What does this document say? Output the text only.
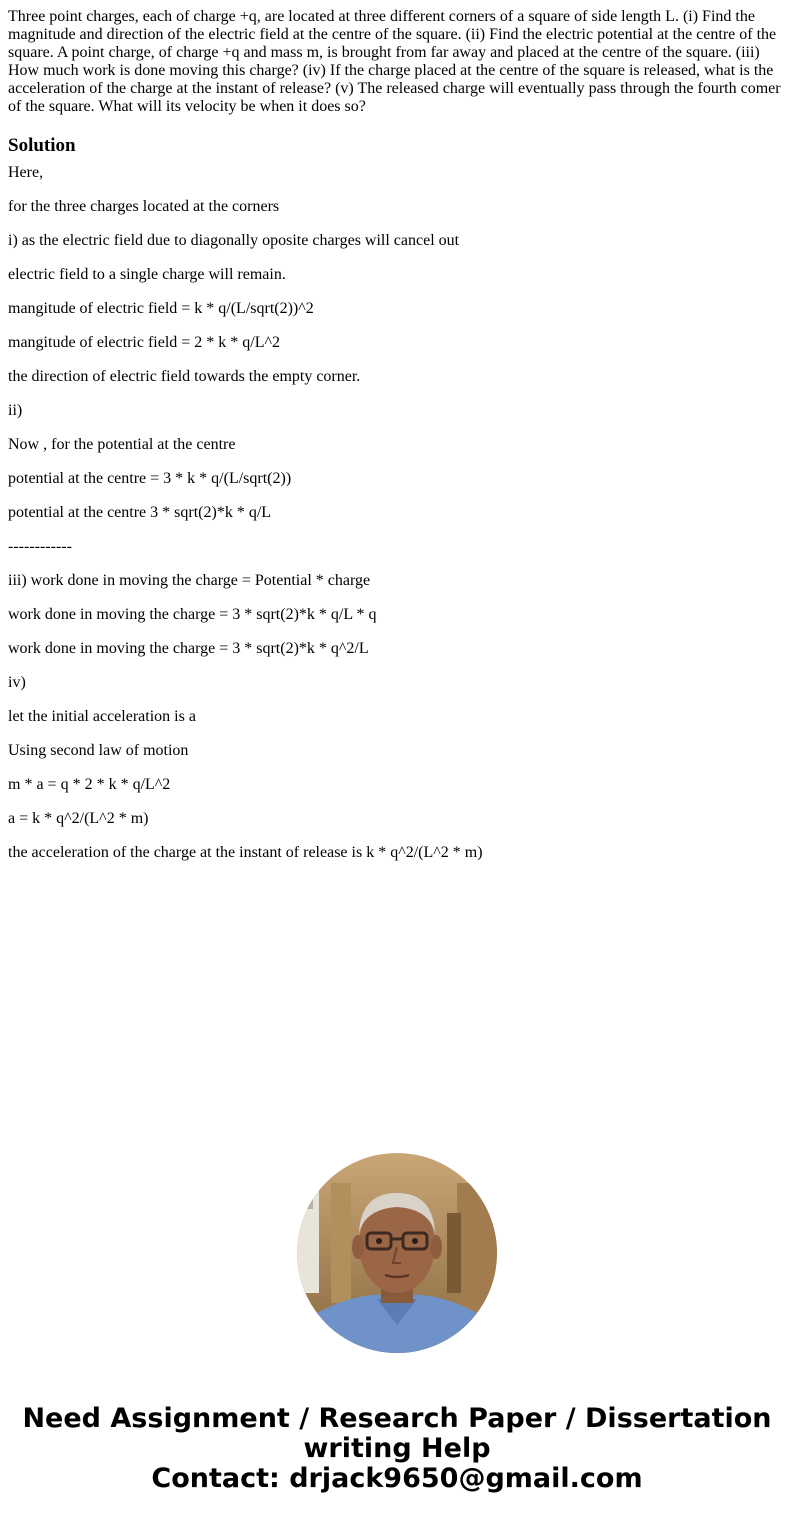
Three point charges, each of charge +q, are located at three different corners of a square of side length L. (i) Find the magnitude and direction of the electric field at the centre of the square. (ii) Find the electric potential at the centre of the square. A point charge, of charge +q and mass m, is brought from far away and placed at the centre of the square. (iii) How much work is done moving this charge? (iv) If the charge placed at the centre of the square is released, what is the acceleration of the charge at the instant of release? (v) The released charge will eventually pass through the fourth comer of the square. What will its velocity be when it does so?

Solution

Here,

for the three charges located at the corners

i) as the electric field due to diagonally oposite charges will cancel out

electric field to a single charge will remain.

mangitude of electric field = k * q/(L/sqrt(2))^2

mangitude of electric field = 2 * k * q/L^2

the direction of electric field towards the empty corner.

ii)

Now , for the potential at the centre

potential at the centre = 3 * k * q/(L/sqrt(2))

potential at the centre 3 * sqrt(2)*k * q/L

------------

iii) work done in moving the charge = Potential * charge

work done in moving the charge = 3 * sqrt(2)*k * q/L * q

work done in moving the charge = 3 * sqrt(2)*k * q^2/L

iv)

let the initial acceleration is a

Using second law of motion

m * a = q * 2 * k * q/L^2

a = k * q^2/(L^2 * m)

the acceleration of the charge at the instant of release is k * q^2/(L^2 * m)

Need Assignment / Research Paper / Dissertation
writing Help
Contact: drjack9650@gmail.com
